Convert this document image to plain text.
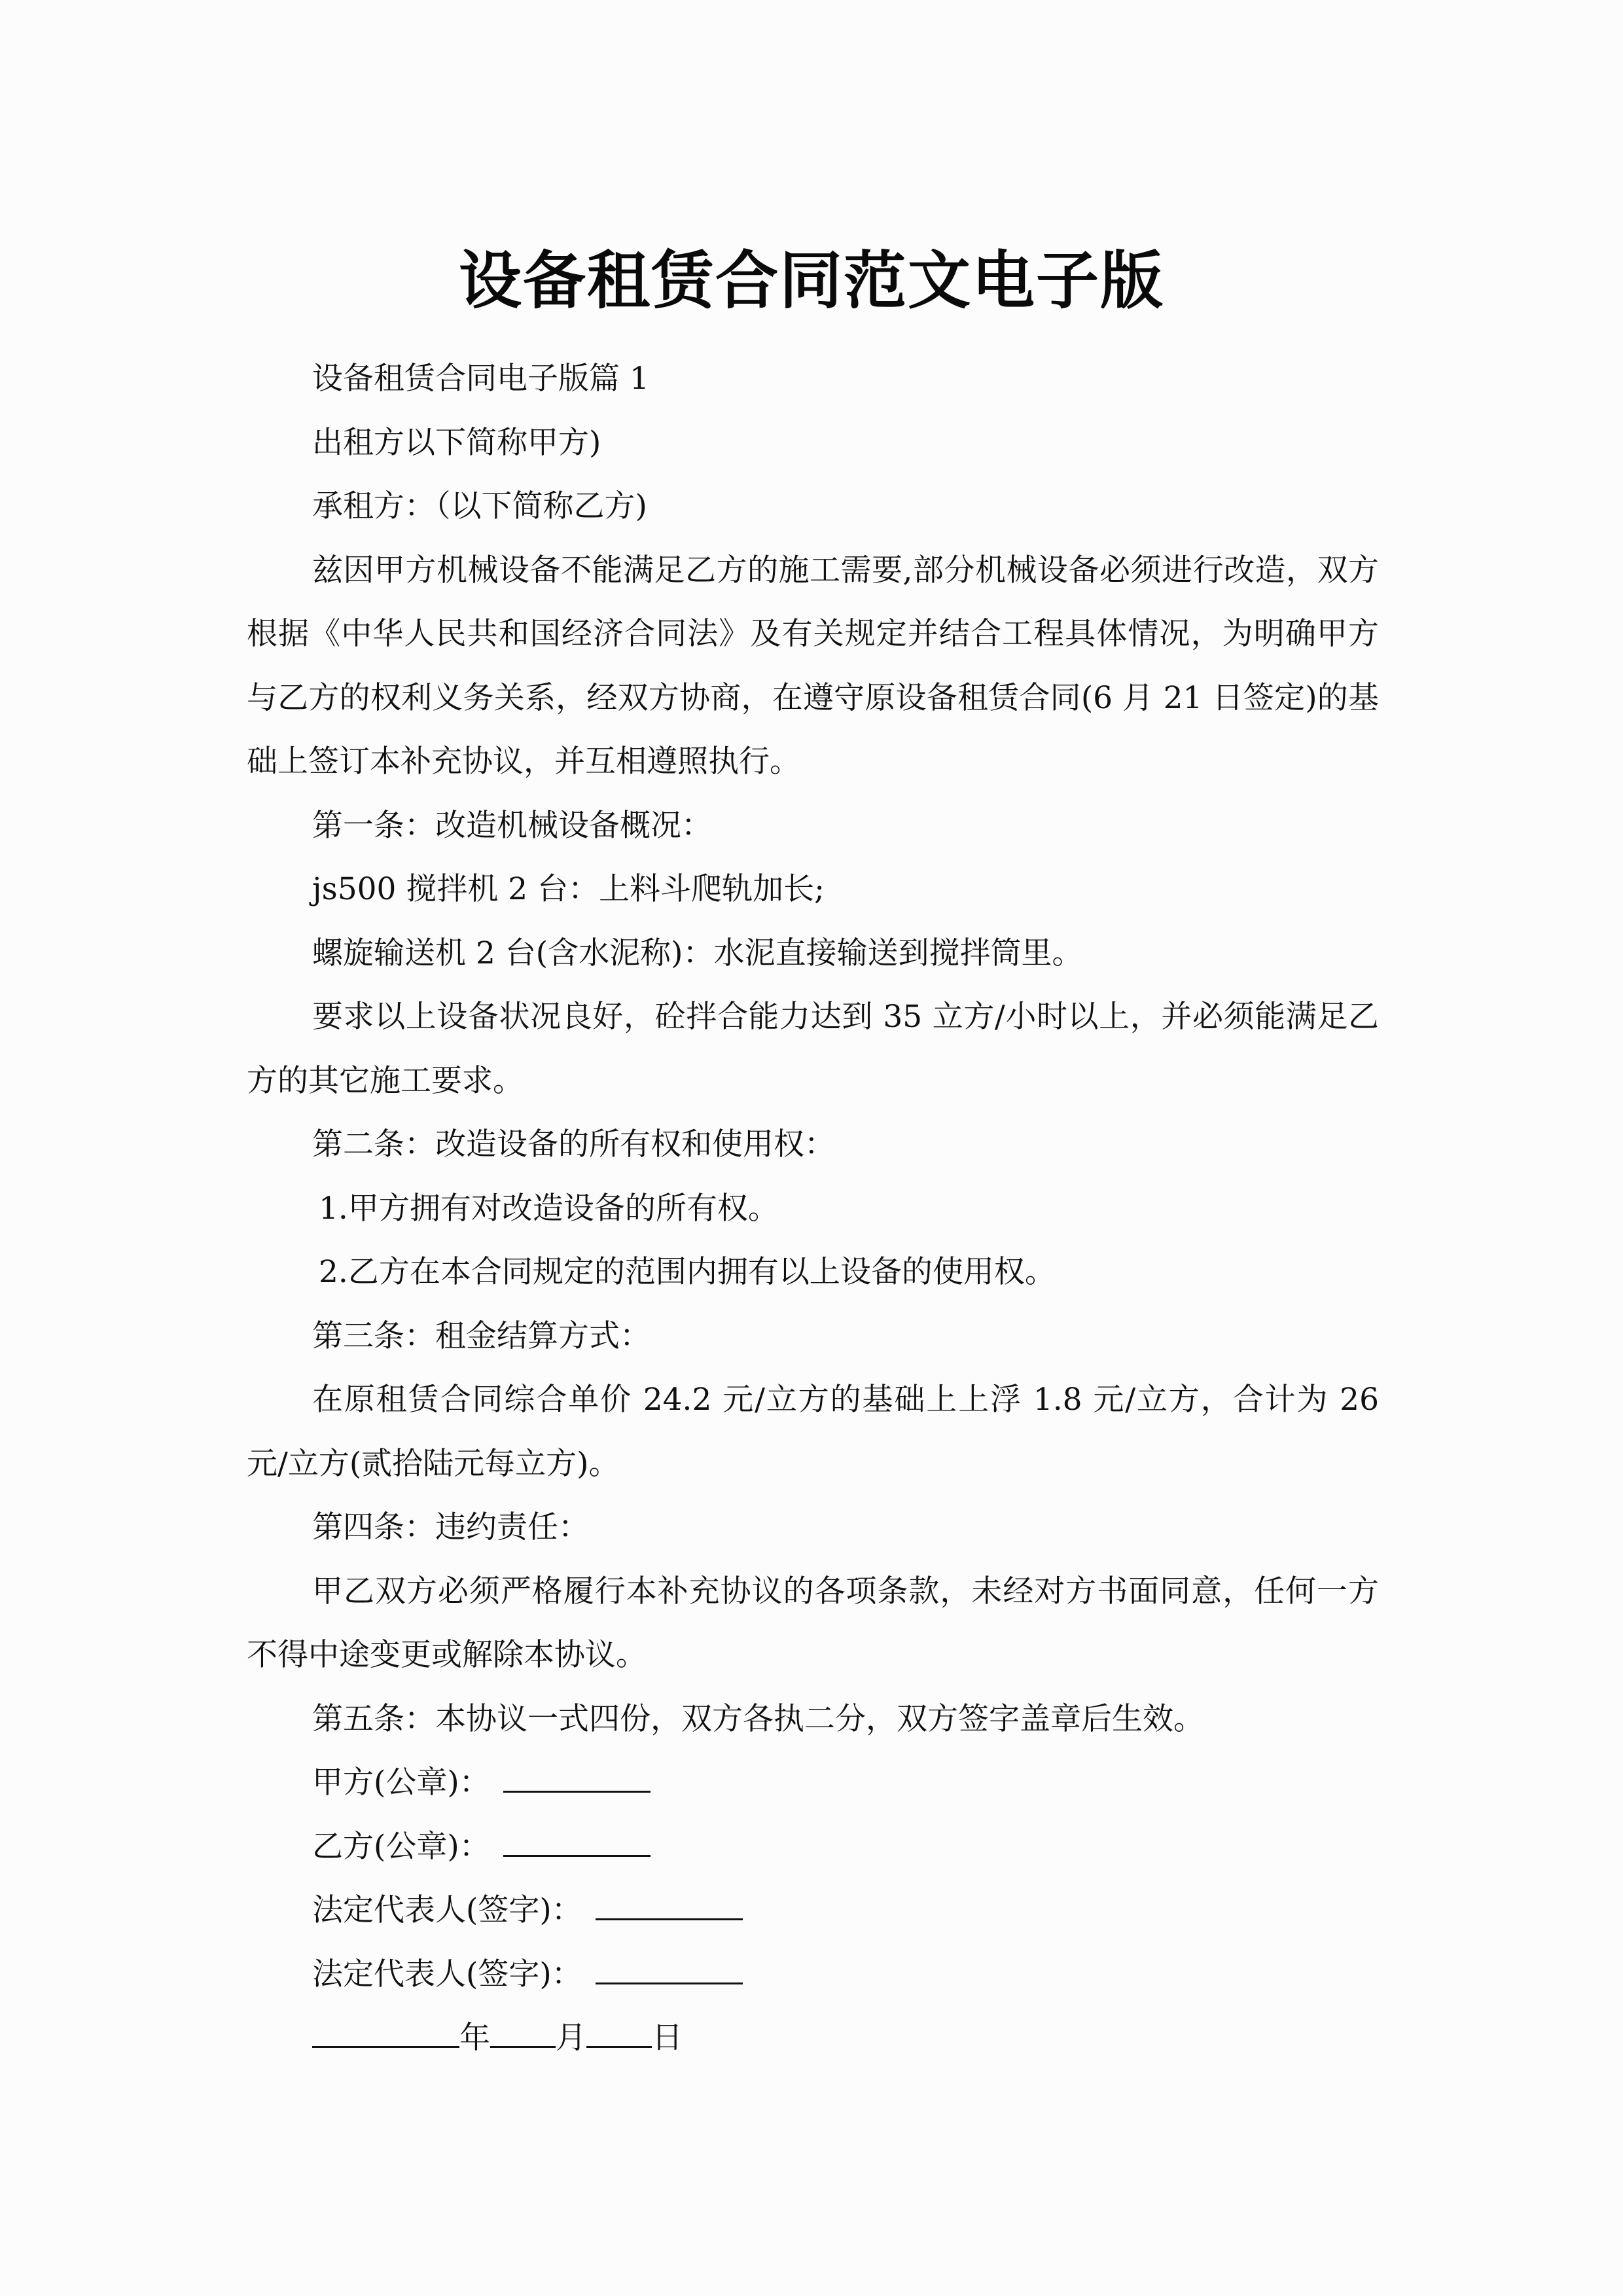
设备租赁合同范文电子版

设备租赁合同电子版篇 1

出租方以下简称甲方)

承租方：（以下简称乙方)

兹因甲方机械设备不能满足乙方的施工需要,部分机械设备必须进行改造，双方根据《中华人民共和国经济合同法》及有关规定并结合工程具体情况，为明确甲方与乙方的权利义务关系，经双方协商，在遵守原设备租赁合同(6 月 21 日签定)的基础上签订本补充协议，并互相遵照执行。

第一条：改造机械设备概况：

js500 搅拌机 2 台：上料斗爬轨加长;

螺旋输送机 2 台(含水泥称)：水泥直接输送到搅拌筒里。

要求以上设备状况良好，砼拌合能力达到 35 立方/小时以上，并必须能满足乙方的其它施工要求。

第二条：改造设备的所有权和使用权：

1.甲方拥有对改造设备的所有权。

2.乙方在本合同规定的范围内拥有以上设备的使用权。

第三条：租金结算方式：

在原租赁合同综合单价 24.2 元/立方的基础上上浮 1.8 元/立方，合计为 26 元/立方(贰拾陆元每立方)。

第四条：违约责任：

甲乙双方必须严格履行本补充协议的各项条款，未经对方书面同意，任何一方不得中途变更或解除本协议。

第五条：本协议一式四份，双方各执二分，双方签字盖章后生效。

甲方(公章)：

乙方(公章)：

法定代表人(签字)：

法定代表人(签字)：

年 月 日
